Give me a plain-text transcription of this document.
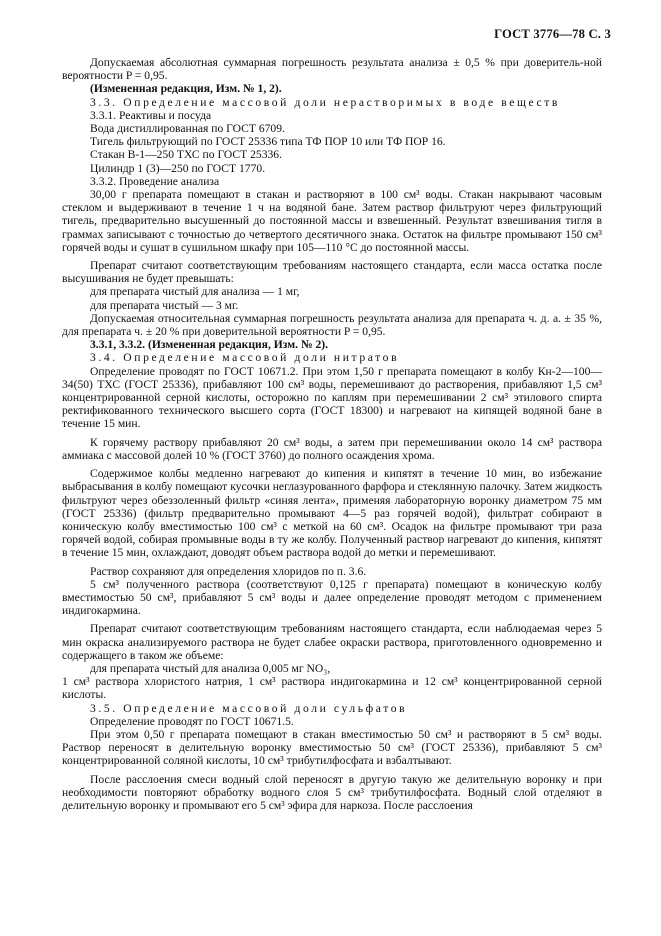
ГОСТ 3776—78 С. 3

Допускаемая абсолютная суммарная погрешность результата анализа ± 0,5 % при доверитель-ной вероятности P = 0,95.

(Измененная редакция, Изм. № 1, 2).

3.3. Определение массовой доли нерастворимых в воде веществ

3.3.1. Реактивы и посуда

Вода дистиллированная по ГОСТ 6709.

Тигель фильтрующий по ГОСТ 25336 типа ТФ ПОР 10 или ТФ ПОР 16.

Стакан В-1—250 ТХС по ГОСТ 25336.

Цилиндр 1 (3)—250 по ГОСТ 1770.

3.3.2. Проведение анализа

30,00 г препарата помещают в стакан и растворяют в 100 см³ воды. Стакан накрывают часовым стеклом и выдерживают в течение 1 ч на водяной бане. Затем раствор фильтруют через фильтрующий тигель, предварительно высушенный до постоянной массы и взвешенный. Результат взвешивания тигля в граммах записывают с точностью до четвертого десятичного знака. Остаток на фильтре промывают 150 см³ горячей воды и сушат в сушильном шкафу при 105—110 °С до постоянной массы.

Препарат считают соответствующим требованиям настоящего стандарта, если масса остатка после высушивания не будет превышать:

для препарата чистый для анализа — 1 мг,

для препарата чистый — 3 мг.

Допускаемая относительная суммарная погрешность результата анализа для препарата ч. д. а. ± 35 %, для препарата ч. ± 20 % при доверительной вероятности P = 0,95.

3.3.1, 3.3.2. (Измененная редакция, Изм. № 2).

3.4. Определение массовой доли нитратов

Определение проводят по ГОСТ 10671.2. При этом 1,50 г препарата помещают в колбу Кн-2—100—34(50) ТХС (ГОСТ 25336), прибавляют 100 см³ воды, перемешивают до растворения, прибавляют 1,5 см³ концентрированной серной кислоты, осторожно по каплям при перемешивании 2 см³ этилового спирта ректификованного технического высшего сорта (ГОСТ 18300) и нагревают на кипящей водяной бане в течение 15 мин.

К горячему раствору прибавляют 20 см³ воды, а затем при перемешивании около 14 см³ раствора аммиака с массовой долей 10 % (ГОСТ 3760) до полного осаждения хрома.

Содержимое колбы медленно нагревают до кипения и кипятят в течение 10 мин, во избежание выбрасывания в колбу помещают кусочки неглазурованного фарфора и стеклянную палочку. Затем жидкость фильтруют через обеззоленный фильтр «синяя лента», применяя лабораторную воронку диаметром 75 мм (ГОСТ 25336) (фильтр предварительно промывают 4—5 раз горячей водой), фильтрат собирают в коническую колбу вместимостью 100 см³ с меткой на 60 см³. Осадок на фильтре промывают три раза горячей водой, собирая промывные воды в ту же колбу. Полученный раствор нагревают до кипения, кипятят в течение 15 мин, охлаждают, доводят объем раствора водой до метки и перемешивают.

Раствор сохраняют для определения хлоридов по п. 3.6.

5 см³ полученного раствора (соответствуют 0,125 г препарата) помещают в коническую колбу вместимостью 50 см³, прибавляют 5 см³ воды и далее определение проводят методом с применением индигокармина.

Препарат считают соответствующим требованиям настоящего стандарта, если наблюдаемая через 5 мин окраска анализируемого раствора не будет слабее окраски раствора, приготовленного одновременно и содержащего в таком же объеме:

для препарата чистый для анализа 0,005 мг NO₃,

1 см³ раствора хлористого натрия, 1 см³ раствора индигокармина и 12 см³ концентрированной серной кислоты.

3.5. Определение массовой доли сульфатов

Определение проводят по ГОСТ 10671.5.

При этом 0,50 г препарата помещают в стакан вместимостью 50 см³ и растворяют в 5 см³ воды. Раствор переносят в делительную воронку вместимостью 50 см³ (ГОСТ 25336), прибавляют 5 см³ концентрированной соляной кислоты, 10 см³ трибутилфосфата и взбалтывают.

После расслоения смеси водный слой переносят в другую такую же делительную воронку и при необходимости повторяют обработку водного слоя 5 см³ трибутилфосфата. Водный слой отделяют в делительную воронку и промывают его 5 см³ эфира для наркоза. После расслоения
